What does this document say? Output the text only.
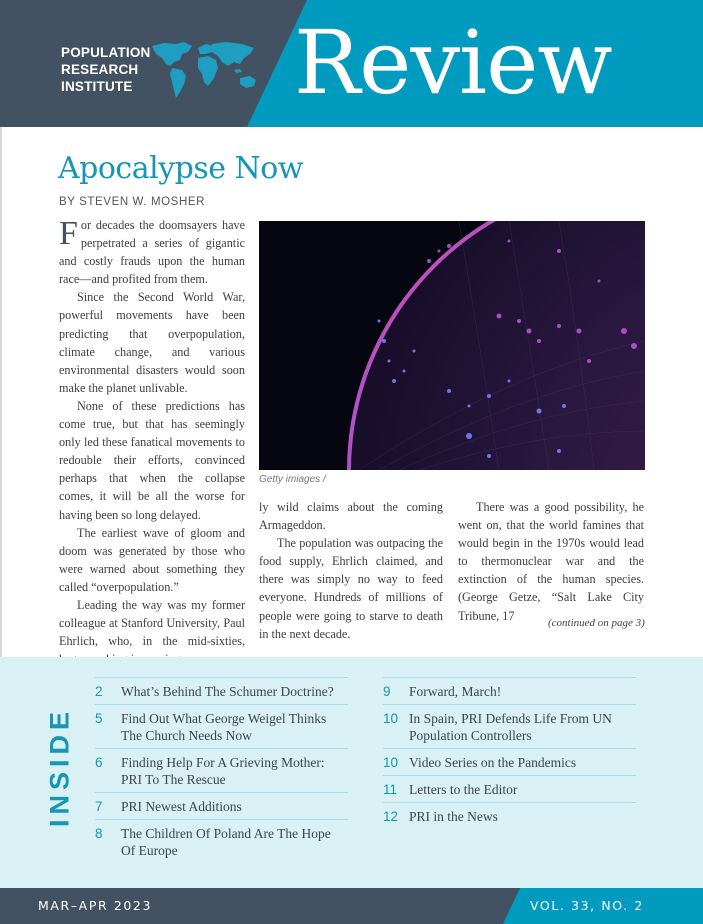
POPULATION
RESEARCH
INSTITUTE Review
Apocalypse Now
BY STEVEN W. MOSHER

For decades the doomsayers have perpetrated a series of gigantic and costly frauds upon the human race—and profited from them.

Since the Second World War, powerful movements have been predicting that overpopulation, climate change, and various environmental disasters would soon make the planet unlivable.

None of these predictions has come true, but that has seemingly only led these fanatical movements to redouble their efforts, convinced perhaps that when the collapse comes, it will be all the worse for having been so long delayed.

The earliest wave of gloom and doom was generated by those who were warned about something they called “overpopulation.”

Leading the way was my former colleague at Stanford University, Paul Ehrlich, who, in the mid-sixties,

Getty imiages /

ly wild claims about the coming Armageddon.

The population was outpacing the food supply, Ehrlich claimed, and there was simply no way to feed everyone. Hundreds of millions of people were going to starve to death in the next decade.

There was a good possibility, he went on, that the world famines that would begin in the 1970s would lead to thermonuclear war and the extinction of the human species. (George Getze, “Salt Lake City Tribune, 17

(continued on page 3)
INSIDE
2	What’s Behind The Schumer Doctrine?
5	Find Out What George Weigel Thinks The Church Needs Now
6	Finding Help For A Grieving Mother: PRI To The Rescue
7	PRI Newest Additions
8	The Children Of Poland Are The Hope Of Europe
9	Forward, March!
10 In Spain, PRI Defends Life From UN Population Controllers
10 Video Series on the Pandemics
11 Letters to the Editor
12 PRI in the News
MAR–APR 2023	VOL. 33, NO. 2
